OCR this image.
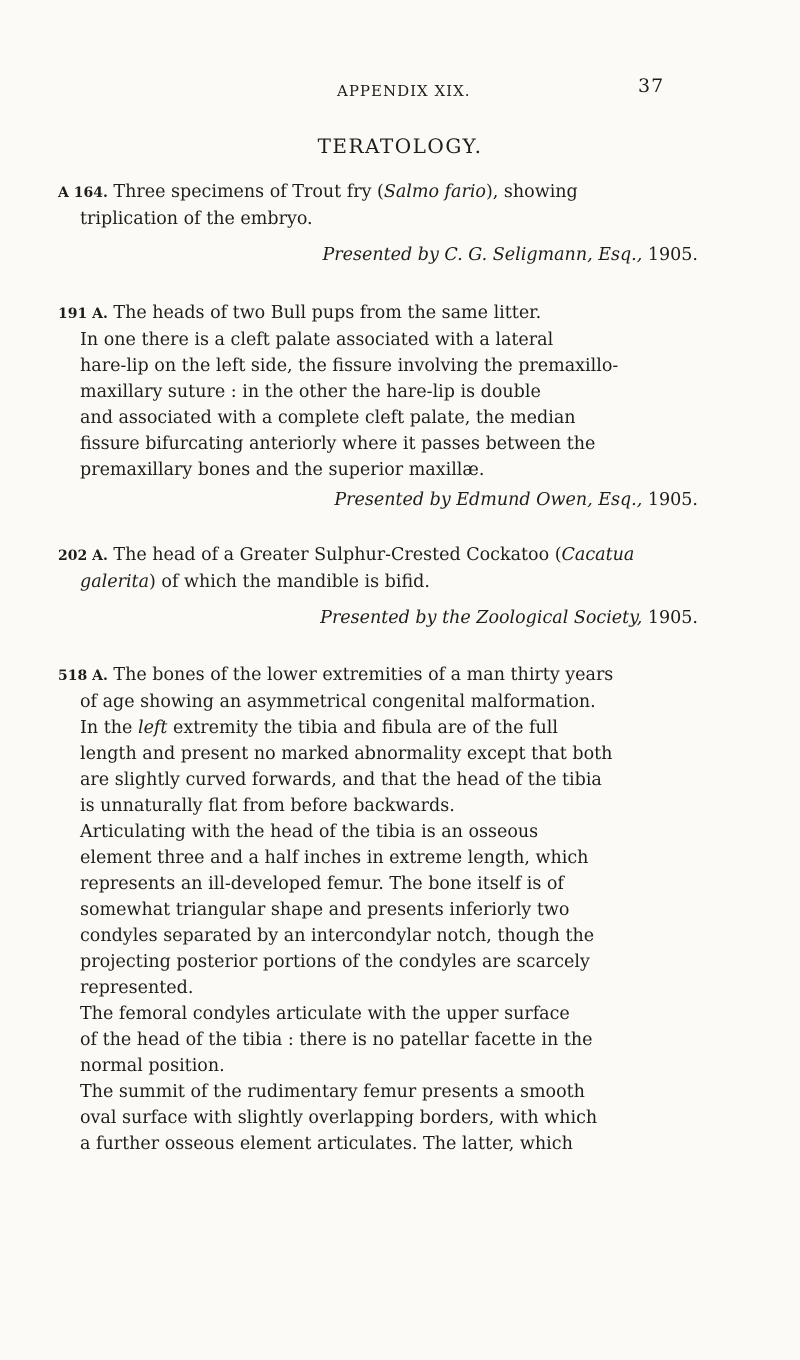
APPENDIX XIX.	37
TERATOLOGY.
A 164. Three specimens of Trout fry (Salmo fario), showing
triplication of the embryo.
Presented by C. G. Seligmann, Esq., 1905.
191 A. The heads of two Bull pups from the same litter.
In one there is a cleft palate associated with a lateral
hare-lip on the left side, the fissure involving the premaxillo-
maxillary suture : in the other the hare-lip is double
and associated with a complete cleft palate, the median
fissure bifurcating anteriorly where it passes between the
premaxillary bones and the superior maxillæ.
Presented by Edmund Owen, Esq., 1905.
202 A. The head of a Greater Sulphur-Crested Cockatoo (Cacatua
galerita) of which the mandible is bifid.
Presented by the Zoological Society, 1905.
518 A. The bones of the lower extremities of a man thirty years
of age showing an asymmetrical congenital malformation.
In the left extremity the tibia and fibula are of the full
length and present no marked abnormality except that both
are slightly curved forwards, and that the head of the tibia
is unnaturally flat from before backwards.
Articulating with the head of the tibia is an osseous
element three and a half inches in extreme length, which
represents an ill-developed femur. The bone itself is of
somewhat triangular shape and presents inferiorly two
condyles separated by an intercondylar notch, though the
projecting posterior portions of the condyles are scarcely
represented.
The femoral condyles articulate with the upper surface
of the head of the tibia : there is no patellar facette in the
normal position.
The summit of the rudimentary femur presents a smooth
oval surface with slightly overlapping borders, with which
a further osseous element articulates. The latter, which
